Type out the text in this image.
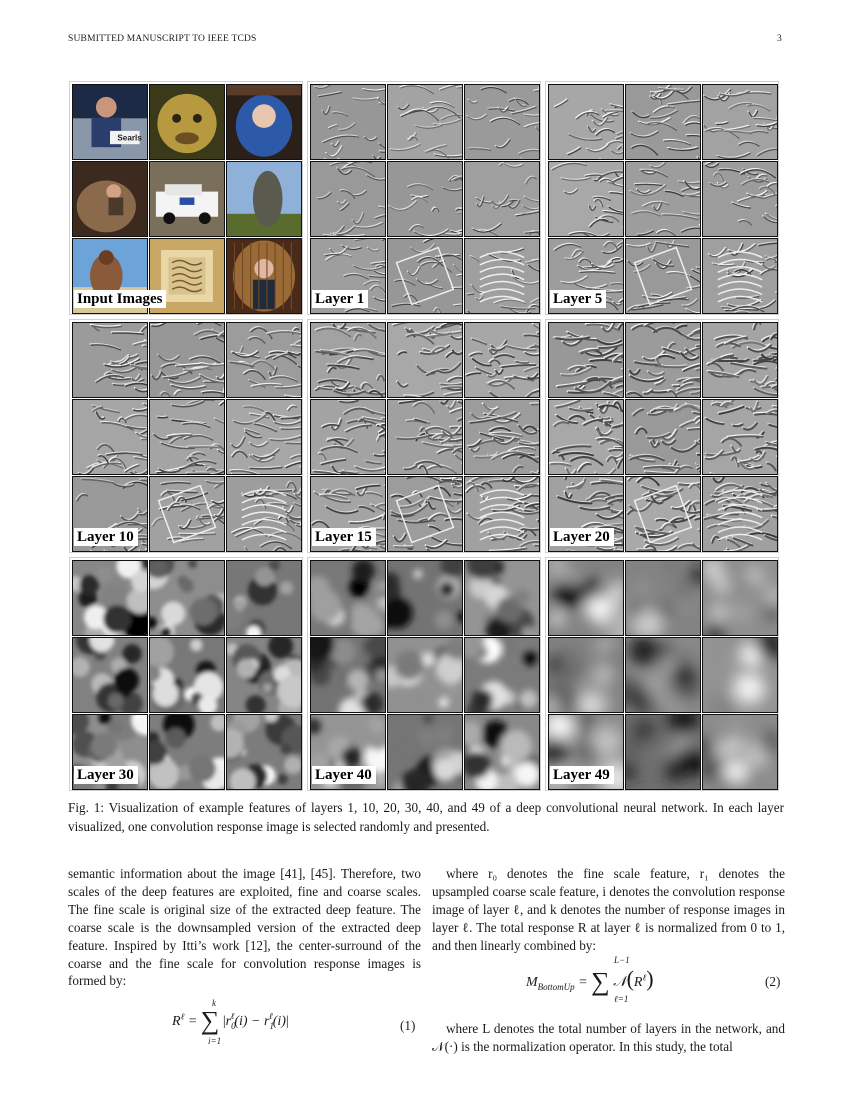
SUBMITTED MANUSCRIPT TO IEEE TCDS	3
Searls
Input Images	Layer 1	Layer 5
Layer 10	Layer 15	Layer 20
Layer 30	Layer 40	Layer 49
Fig. 1: Visualization of example features of layers 1, 10, 20, 30, 40, and 49 of a deep convolutional neural network. In each layer visualized, one convolution response image is selected randomly and presented.

semantic information about the image [41], [45]. Therefore, two scales of the deep features are exploited, fine and coarse scales. The fine scale is original size of the extracted deep feature. The coarse scale is the downsampled version of the extracted deep feature. Inspired by Itti’s work [12], the center-surround of the coarse and the fine scale for convolution response images is formed by:

$R^\ell$ = ∑ $|r_0^\ell(i) - r_1^\ell(i)|$
k
i=1
(1)

where r₀ denotes the fine scale feature, r₁ denotes the upsampled coarse scale feature, i denotes the convolution response image of layer ℓ, and k denotes the number of response images in layer ℓ. The total response R at layer ℓ is normalized from 0 to 1, and then linearly combined by:

$M_{BottomUp}$ = ∑ $𝒩(R^\ell)$
L−1
ℓ=1
(2)

where L denotes the total number of layers in the network, and 𝒩(·) is the normalization operator. In this study, the total
